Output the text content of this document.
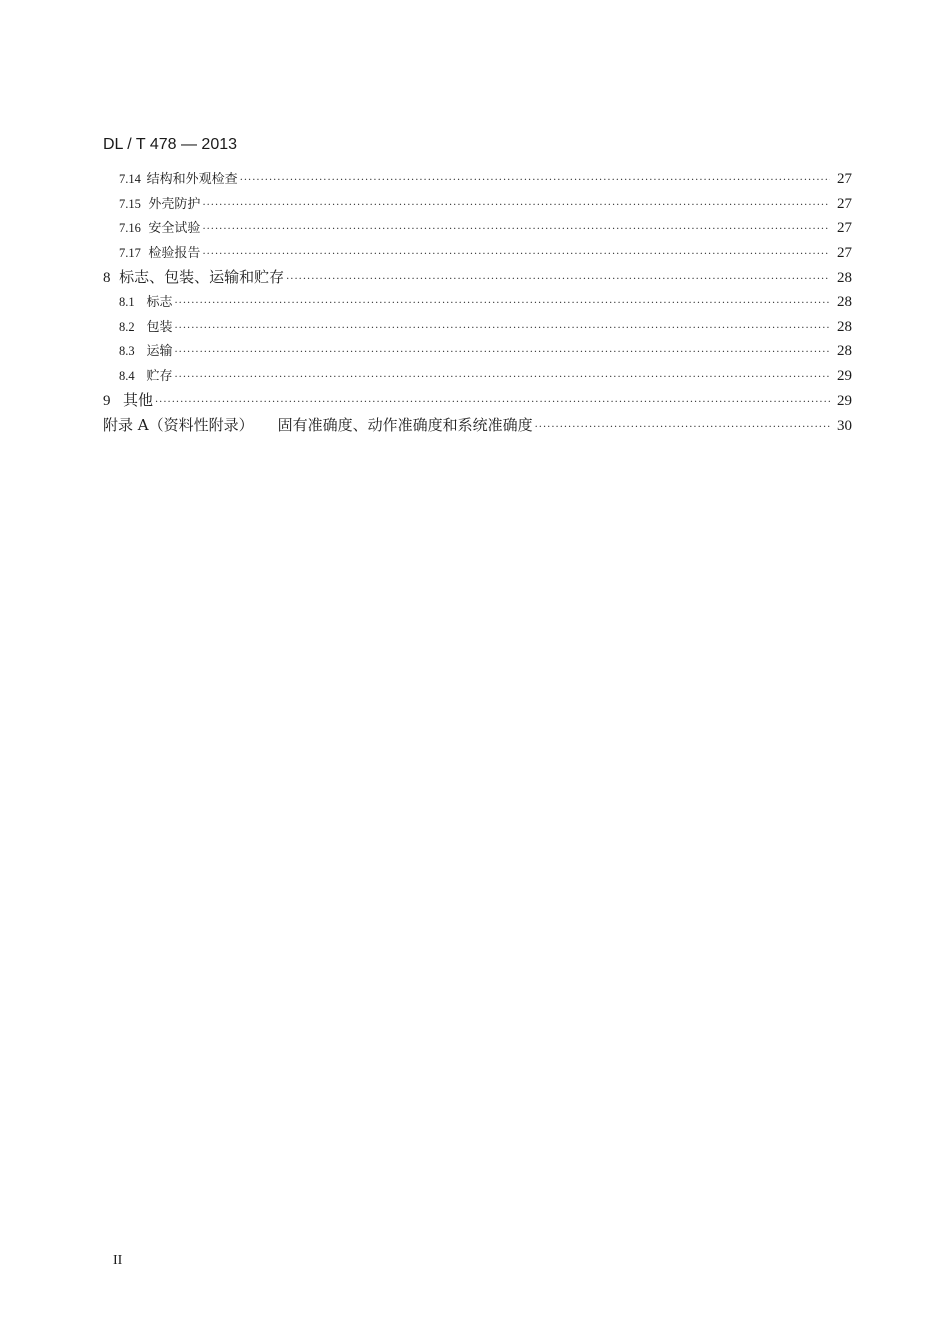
DL / T 478 — 2013
7.14 结构和外观检查 ·····	27
7.15 外壳防护 ·····	27
7.16 安全试验 ·····	27
7.17 检验报告 ·····	27
8 标志、包装、运输和贮存 ·····	28
8.1 标志 ·····	28
8.2 包装 ·····	28
8.3 运输 ·····	28
8.4 贮存 ·····	29
9 其他 ·····	29
附录 A（资料性附录） 固有准确度、动作准确度和系统准确度 ·····	30
II
